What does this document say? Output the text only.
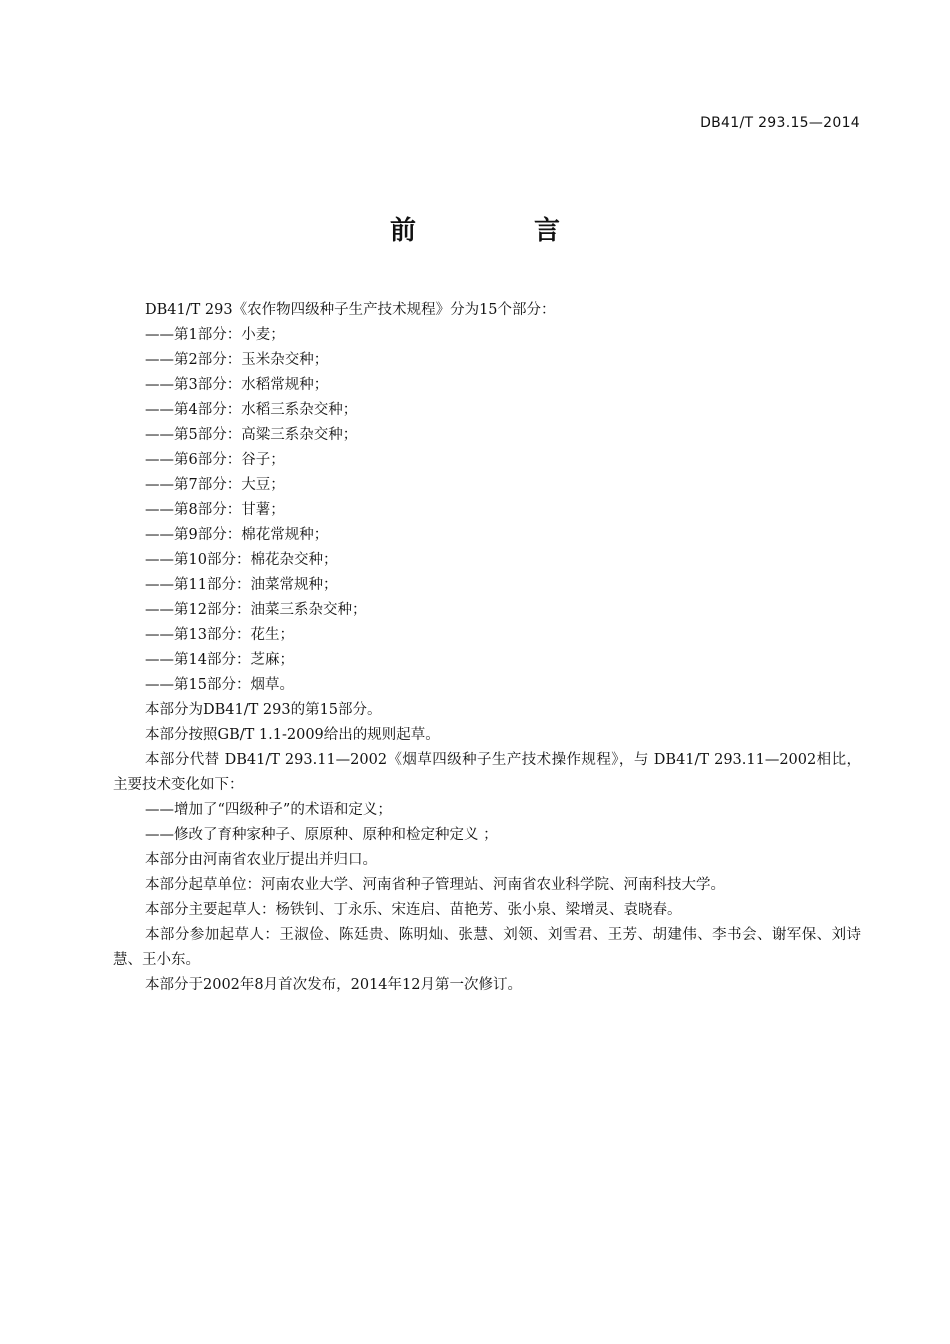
DB41/T 293.15—2014
前　言

DB41/T 293《农作物四级种子生产技术规程》分为15个部分：

——第1部分：小麦；

——第2部分：玉米杂交种；

——第3部分：水稻常规种；

——第4部分：水稻三系杂交种；

——第5部分：高粱三系杂交种；

——第6部分：谷子；

——第7部分：大豆；

——第8部分：甘薯；

——第9部分：棉花常规种；

——第10部分：棉花杂交种；

——第11部分：油菜常规种；

——第12部分：油菜三系杂交种；

——第13部分：花生；

——第14部分：芝麻；

——第15部分：烟草。

本部分为DB41/T 293的第15部分。

本部分按照GB/T 1.1-2009给出的规则起草。

本部分代替 DB41/T 293.11—2002《烟草四级种子生产技术操作规程》，与 DB41/T 293.11—2002相比，主要技术变化如下：

——增加了“四级种子”的术语和定义；

——修改了育种家种子、原原种、原种和检定种定义 ；

本部分由河南省农业厅提出并归口。

本部分起草单位：河南农业大学、河南省种子管理站、河南省农业科学院、河南科技大学。

本部分主要起草人：杨铁钊、丁永乐、宋连启、苗艳芳、张小泉、梁增灵、袁晓春。

本部分参加起草人：王淑俭、陈廷贵、陈明灿、张慧、刘领、刘雪君、王芳、胡建伟、李书会、谢军保、刘诗慧、王小东。

本部分于2002年8月首次发布，2014年12月第一次修订。
